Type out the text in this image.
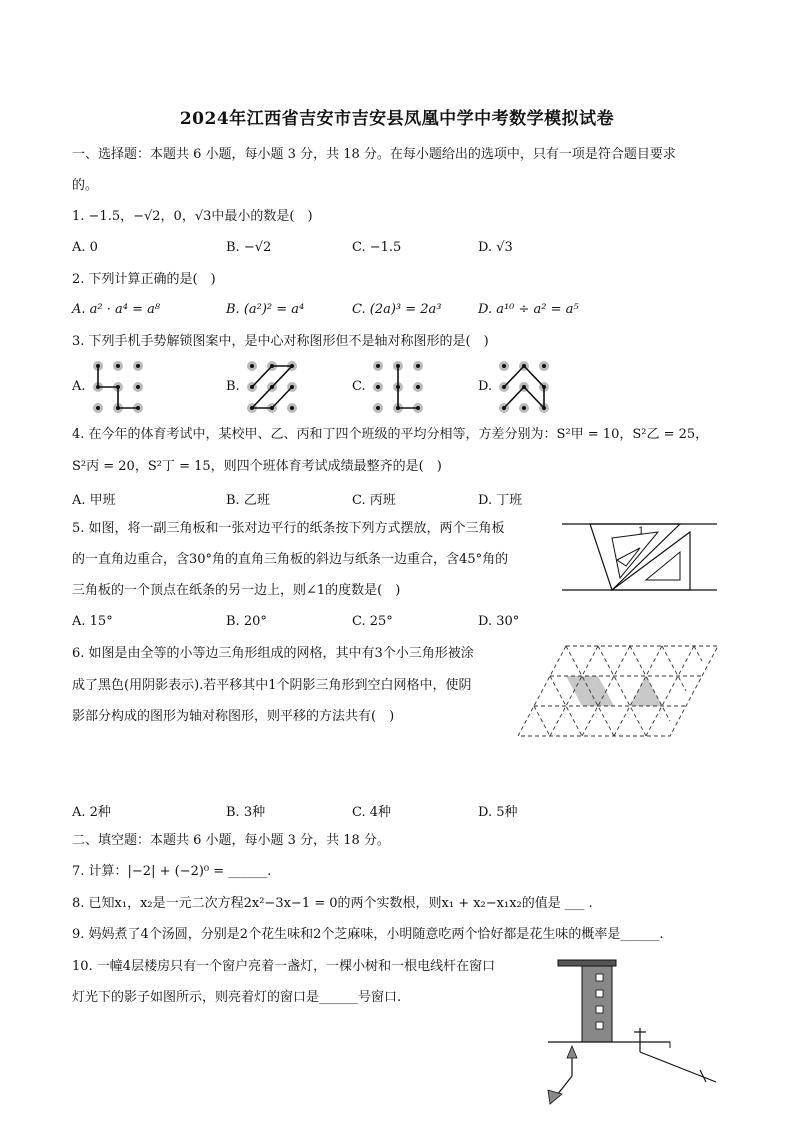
2024年江西省吉安市吉安县凤凰中学中考数学模拟试卷
一、选择题：本题共 6 小题，每小题 3 分，共 18 分。在每小题给出的选项中，只有一项是符合题目要求
的。
1. −1.5，−√2，0，√3中最小的数是(　)
A. 0	B. −√2	C. −1.5	D. √3
2. 下列计算正确的是(　)
A. a² · a⁴ = a⁸	B. (a²)² = a⁴	C. (2a)³ = 2a³	D. a¹⁰ ÷ a² = a⁵
3. 下列手机手势解锁图案中，是中心对称图形但不是轴对称图形的是(　)
A.	B.	C.	D.
4. 在今年的体育考试中，某校甲、乙、丙和丁四个班级的平均分相等，方差分别为：S²甲 = 10，S²乙 = 25，
S²丙 = 20，S²丁 = 15，则四个班体育考试成绩最整齐的是(　)
A. 甲班	B. 乙班	C. 丙班	D. 丁班
5. 如图，将一副三角板和一张对边平行的纸条按下列方式摆放，两个三角板
的一直角边重合，含30°角的直角三角板的斜边与纸条一边重合，含45°角的
三角板的一个顶点在纸条的另一边上，则∠1的度数是(　)
A. 15°	B. 20°	C. 25°	D. 30°
1
6. 如图是由全等的小等边三角形组成的网格，其中有3个小三角形被涂
成了黑色(用阴影表示).若平移其中1个阴影三角形到空白网格中，使阴
影部分构成的图形为轴对称图形，则平移的方法共有(　)
A. 2种	B. 3种	C. 4种	D. 5种
二、填空题：本题共 6 小题，每小题 3 分，共 18 分。
7. 计算：|−2| + (−2)⁰ = ______.
8. 已知x₁，x₂是一元二次方程2x²−3x−1 = 0的两个实数根，则x₁ + x₂−x₁x₂的值是 ___ .
9. 妈妈煮了4个汤圆，分别是2个花生味和2个芝麻味，小明随意吃两个恰好都是花生味的概率是______.
10. 一幢4层楼房只有一个窗户亮着一盏灯，一棵小树和一根电线杆在窗口
灯光下的影子如图所示，则亮着灯的窗口是______号窗口.
